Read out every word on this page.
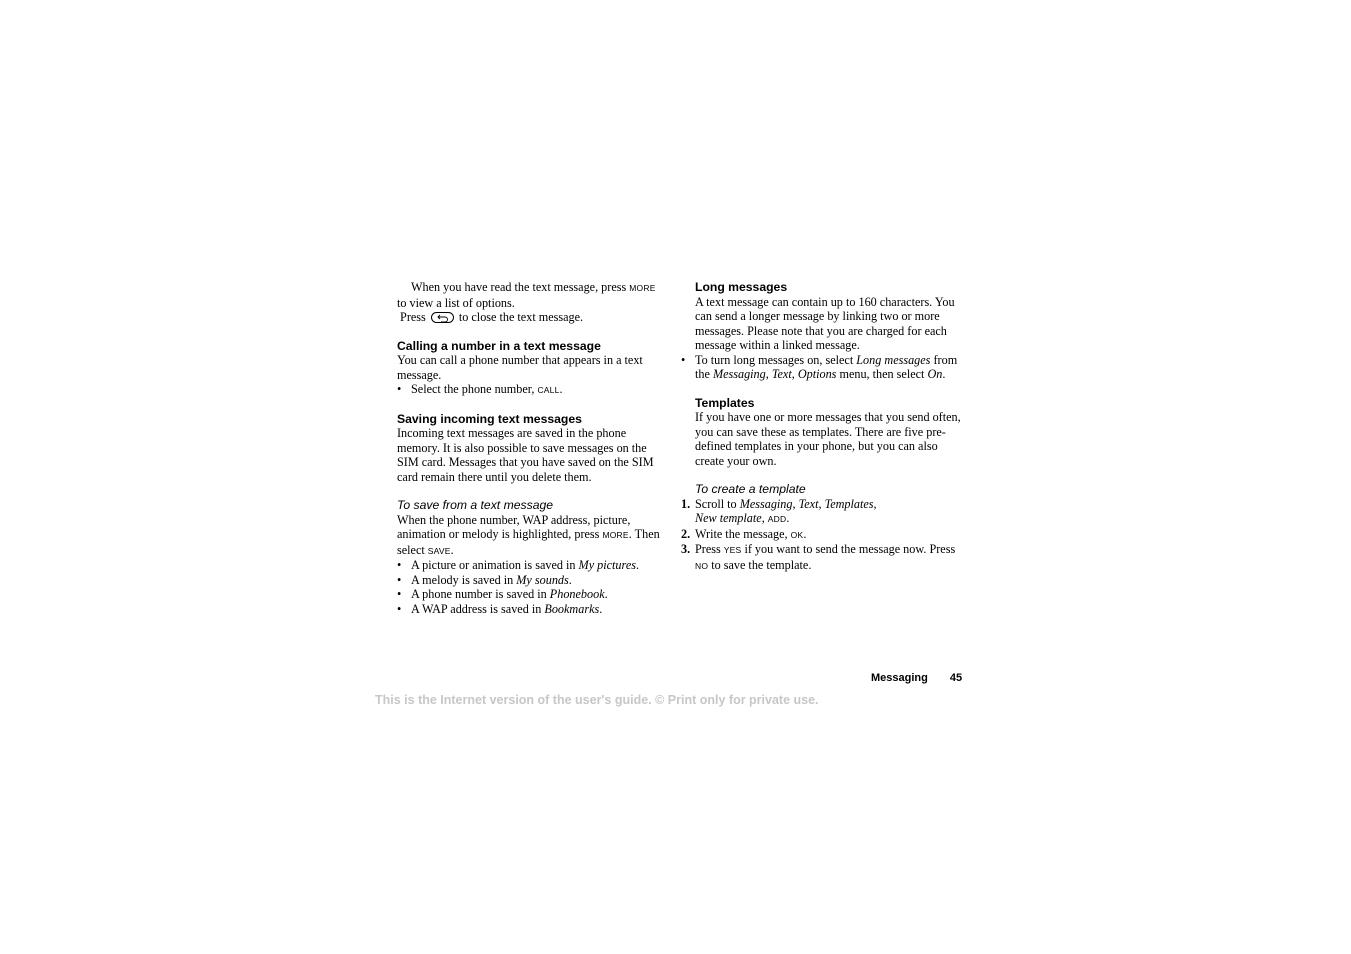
When you have read the text message, press MORE to view a list of options.

Press
to close the text message.

Calling a number in a text message

You can call a phone number that appears in a text message.

• Select the phone number, CALL.

Saving incoming text messages

Incoming text messages are saved in the phone memory. It is also possible to save messages on the SIM card. Messages that you have saved on the SIM card remain there until you delete them.

To save from a text message

When the phone number, WAP address, picture, animation or melody is highlighted, press MORE. Then select SAVE.

• A picture or animation is saved in My pictures.
• A melody is saved in My sounds.
• A phone number is saved in Phonebook.
• A WAP address is saved in Bookmarks.

Long messages

A text message can contain up to 160 characters. You can send a longer message by linking two or more messages. Please note that you are charged for each message within a linked message.

• To turn long messages on, select Long messages from the Messaging, Text, Options menu, then select On.

Templates

If you have one or more messages that you send often, you can save these as templates. There are five pre-defined templates in your phone, but you can also create your own.

To create a template

1. Scroll to Messaging, Text, Templates,
New template, ADD.
2. Write the message, OK.
3. Press YES if you want to send the message now. Press NO to save the template.
Messaging 45
This is the Internet version of the user's guide. © Print only for private use.
